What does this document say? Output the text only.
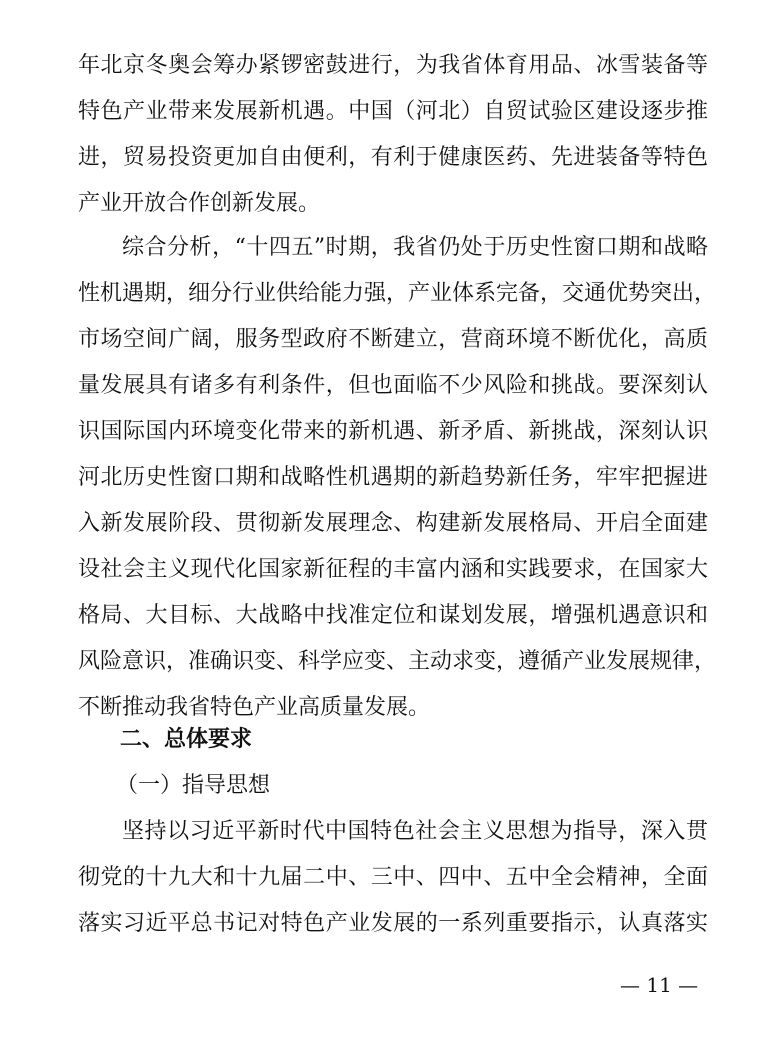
年北京冬奥会筹办紧锣密鼓进行，为我省体育用品、冰雪装备等
特色产业带来发展新机遇。中国（河北）自贸试验区建设逐步推
进，贸易投资更加自由便利，有利于健康医药、先进装备等特色
产业开放合作创新发展。
综合分析，“十四五”时期，我省仍处于历史性窗口期和战略
性机遇期，细分行业供给能力强，产业体系完备，交通优势突出，
市场空间广阔，服务型政府不断建立，营商环境不断优化，高质
量发展具有诸多有利条件，但也面临不少风险和挑战。要深刻认
识国际国内环境变化带来的新机遇、新矛盾、新挑战，深刻认识
河北历史性窗口期和战略性机遇期的新趋势新任务，牢牢把握进
入新发展阶段、贯彻新发展理念、构建新发展格局、开启全面建
设社会主义现代化国家新征程的丰富内涵和实践要求，在国家大
格局、大目标、大战略中找准定位和谋划发展，增强机遇意识和
风险意识，准确识变、科学应变、主动求变，遵循产业发展规律，
不断推动我省特色产业高质量发展。
二、总体要求
（一）指导思想
坚持以习近平新时代中国特色社会主义思想为指导，深入贯
彻党的十九大和十九届二中、三中、四中、五中全会精神，全面
落实习近平总书记对特色产业发展的一系列重要指示，认真落实
— 11 —
